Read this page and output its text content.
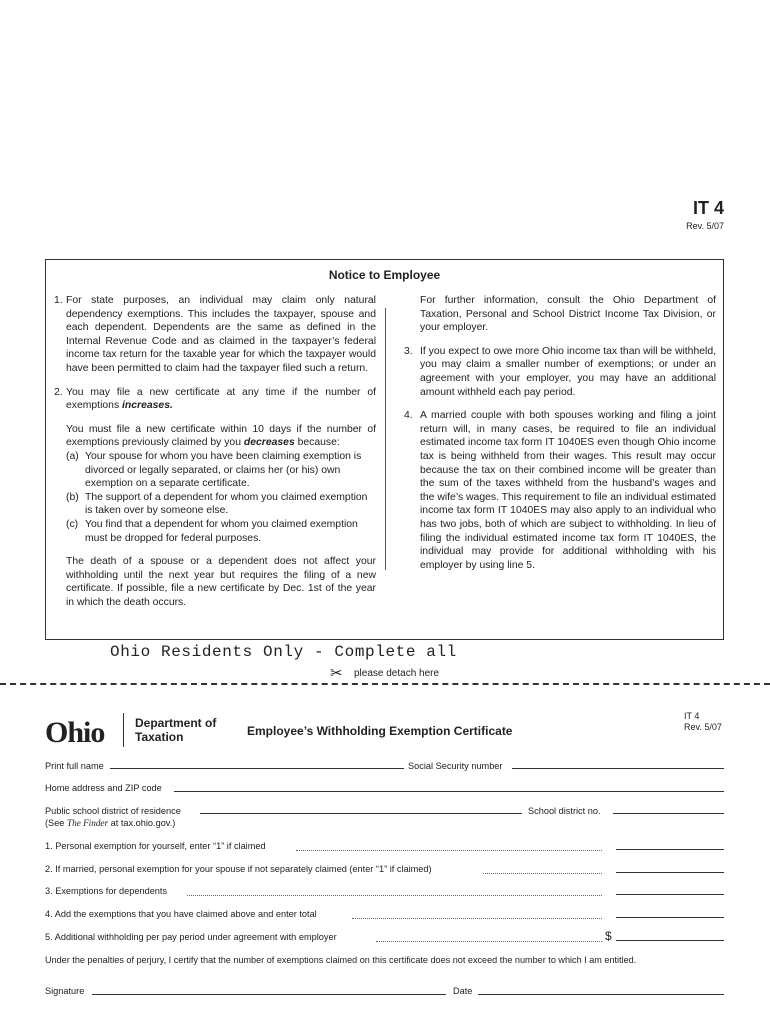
IT 4
Rev. 5/07
Notice to Employee
1. For state purposes, an individual may claim only natural dependency exemptions. This includes the taxpayer, spouse and each dependent. Dependents are the same as defined in the Internal Revenue Code and as claimed in the taxpayer’s federal income tax return for the taxable year for which the taxpayer would have been permitted to claim had the taxpayer filed such a return.
2. You may file a new certificate at any time if the number of exemptions increases.
You must file a new certificate within 10 days if the number of exemptions previously claimed by you decreases because:
(a) Your spouse for whom you have been claiming exemption is divorced or legally separated, or claims her (or his) own exemption on a separate certificate.
(b) The support of a dependent for whom you claimed exemption is taken over by someone else.
(c) You find that a dependent for whom you claimed exemption must be dropped for federal purposes.
The death of a spouse or a dependent does not affect your withholding until the next year but requires the filing of a new certificate. If possible, file a new certificate by Dec. 1st of the year in which the death occurs.
For further information, consult the Ohio Department of Taxation, Personal and School District Income Tax Division, or your employer.
3. If you expect to owe more Ohio income tax than will be withheld, you may claim a smaller number of exemptions; or under an agreement with your employer, you may have an additional amount withheld each pay period.
4. A married couple with both spouses working and filing a joint return will, in many cases, be required to file an individual estimated income tax form IT 1040ES even though Ohio income tax is being withheld from their wages. This result may occur because the tax on their combined income will be greater than the sum of the taxes withheld from the husband’s wages and the wife’s wages. This requirement to file an individual estimated income tax form IT 1040ES may also apply to an individual who has two jobs, both of which are subject to withholding. In lieu of filing the individual estimated income tax form IT 1040ES, the individual may provide for additional withholding with his employer by using line 5.
Ohio Residents Only - Complete all
✂ please detach here
Ohio	Department of
Taxation	Employee’s Withholding Exemption Certificate
IT 4
Rev. 5/07
Print full name	Social Security number
Home address and ZIP code
Public school district of residence	School district no.
(See The Finder at tax.ohio.gov.)
1. Personal exemption for yourself, enter “1” if claimed
2. If married, personal exemption for your spouse if not separately claimed (enter “1” if claimed)
3. Exemptions for dependents
4. Add the exemptions that you have claimed above and enter total
5. Additional withholding per pay period under agreement with employer	$
Under the penalties of perjury, I certify that the number of exemptions claimed on this certificate does not exceed the number to which I am entitled.
Signature	Date
